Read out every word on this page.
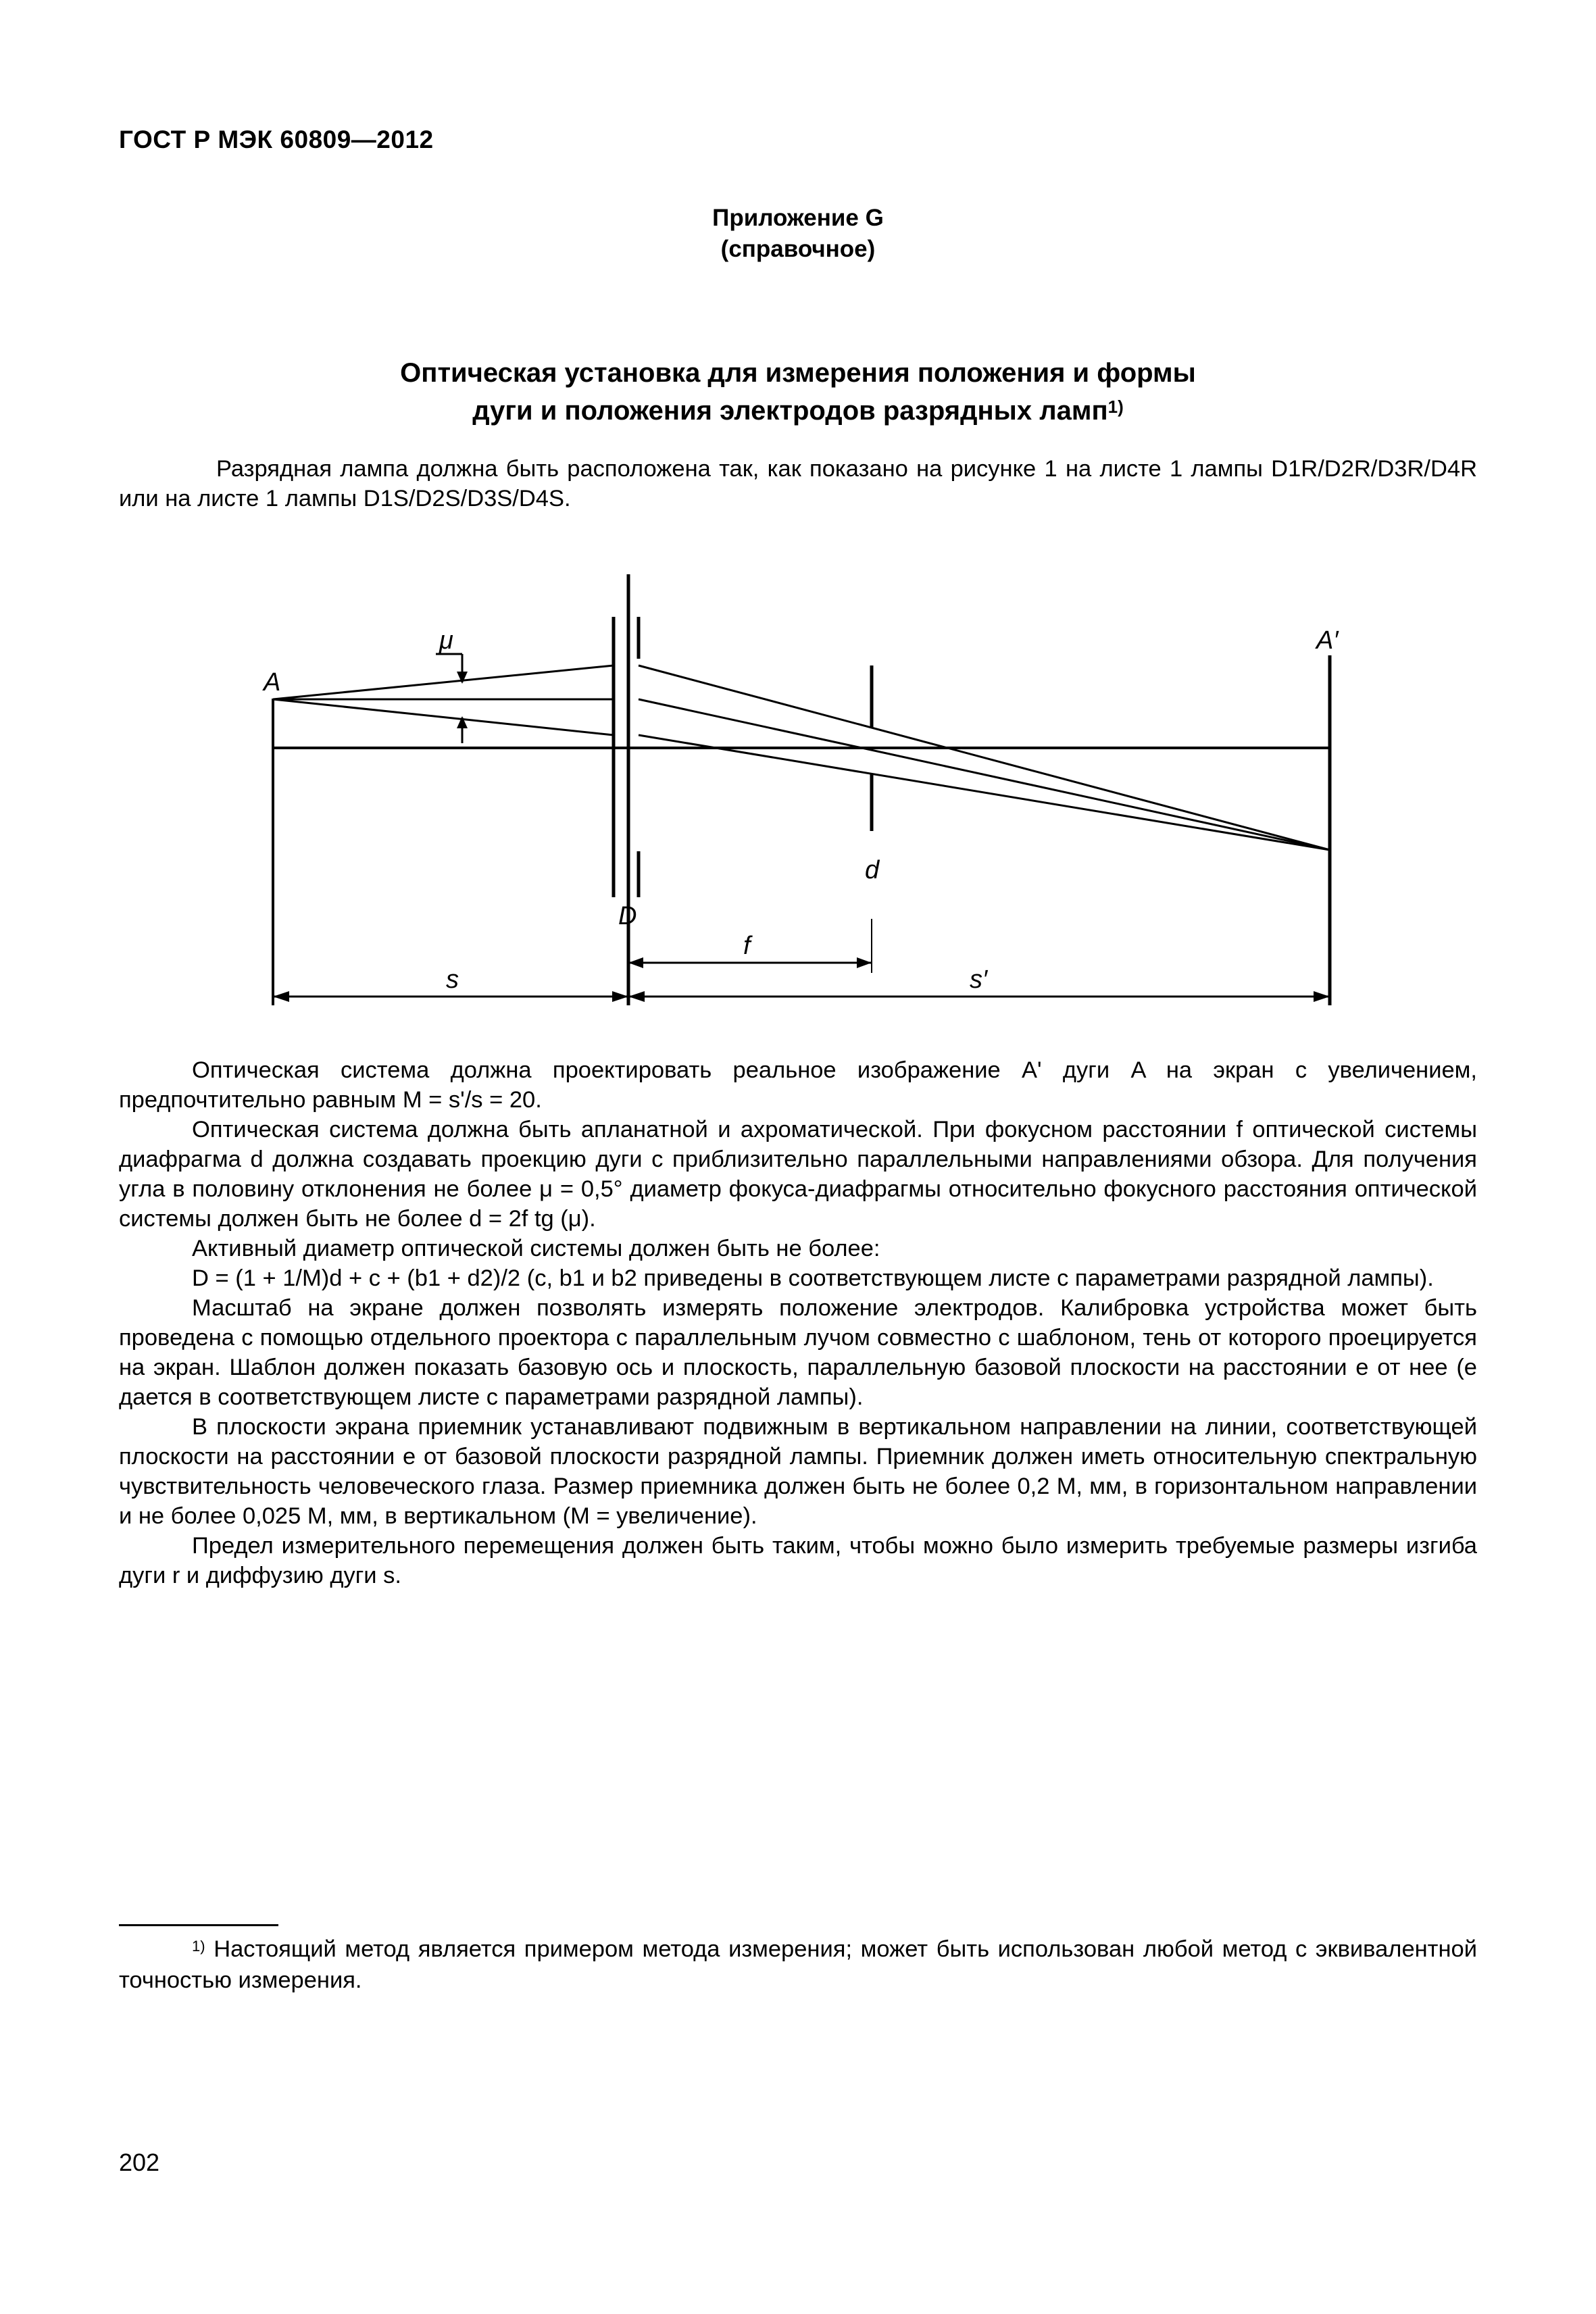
ГОСТ Р МЭК 60809—2012
Приложение G
(справочное)
Оптическая установка для измерения положения и формы
дуги и положения электродов разрядных ламп$^{1)}$

Разрядная лампа должна быть расположена так, как показано на рисунке 1 на листе 1 лампы D1R/D2R/D3R/D4R или на листе 1 лампы D1S/D2S/D3S/D4S.

μ
A
A′
D
d
f
s	s′

Оптическая система должна проектировать реальное изображение A' дуги A на экран с увеличением, предпочтительно равным M = s'/s = 20.

Оптическая система должна быть апланатной и ахроматической. При фокусном расстоянии f оптической системы диафрагма d должна создавать проекцию дуги с приблизительно параллельными направлениями обзора. Для получения угла в половину отклонения не более μ = 0,5° диаметр фокуса-диафрагмы относительно фокусного расстояния оптической системы должен быть не более d = 2f tg (μ).

Активный диаметр оптической системы должен быть не более:

D = (1 + 1/M)d + c + (b1 + d2)/2 (c, b1 и b2 приведены в соответствующем листе с параметрами разрядной лампы).

Масштаб на экране должен позволять измерять положение электродов. Калибровка устройства может быть проведена с помощью отдельного проектора с параллельным лучом совместно с шаблоном, тень от которого проецируется на экран. Шаблон должен показать базовую ось и плоскость, параллельную базовой плоскости на расстоянии e от нее (e дается в соответствующем листе с параметрами разрядной лампы).

В плоскости экрана приемник устанавливают подвижным в вертикальном направлении на линии, соответствующей плоскости на расстоянии e от базовой плоскости разрядной лампы. Приемник должен иметь относительную спектральную чувствительность человеческого глаза. Размер приемника должен быть не более 0,2 M, мм, в горизонтальном направлении и не более 0,025 M, мм, в вертикальном (M = увеличение).

Предел измерительного перемещения должен быть таким, чтобы можно было измерить требуемые размеры изгиба дуги r и диффузию дуги s.

$^{1)}$ Настоящий метод является примером метода измерения; может быть использован любой метод с эквивалентной точностью измерения.

202
